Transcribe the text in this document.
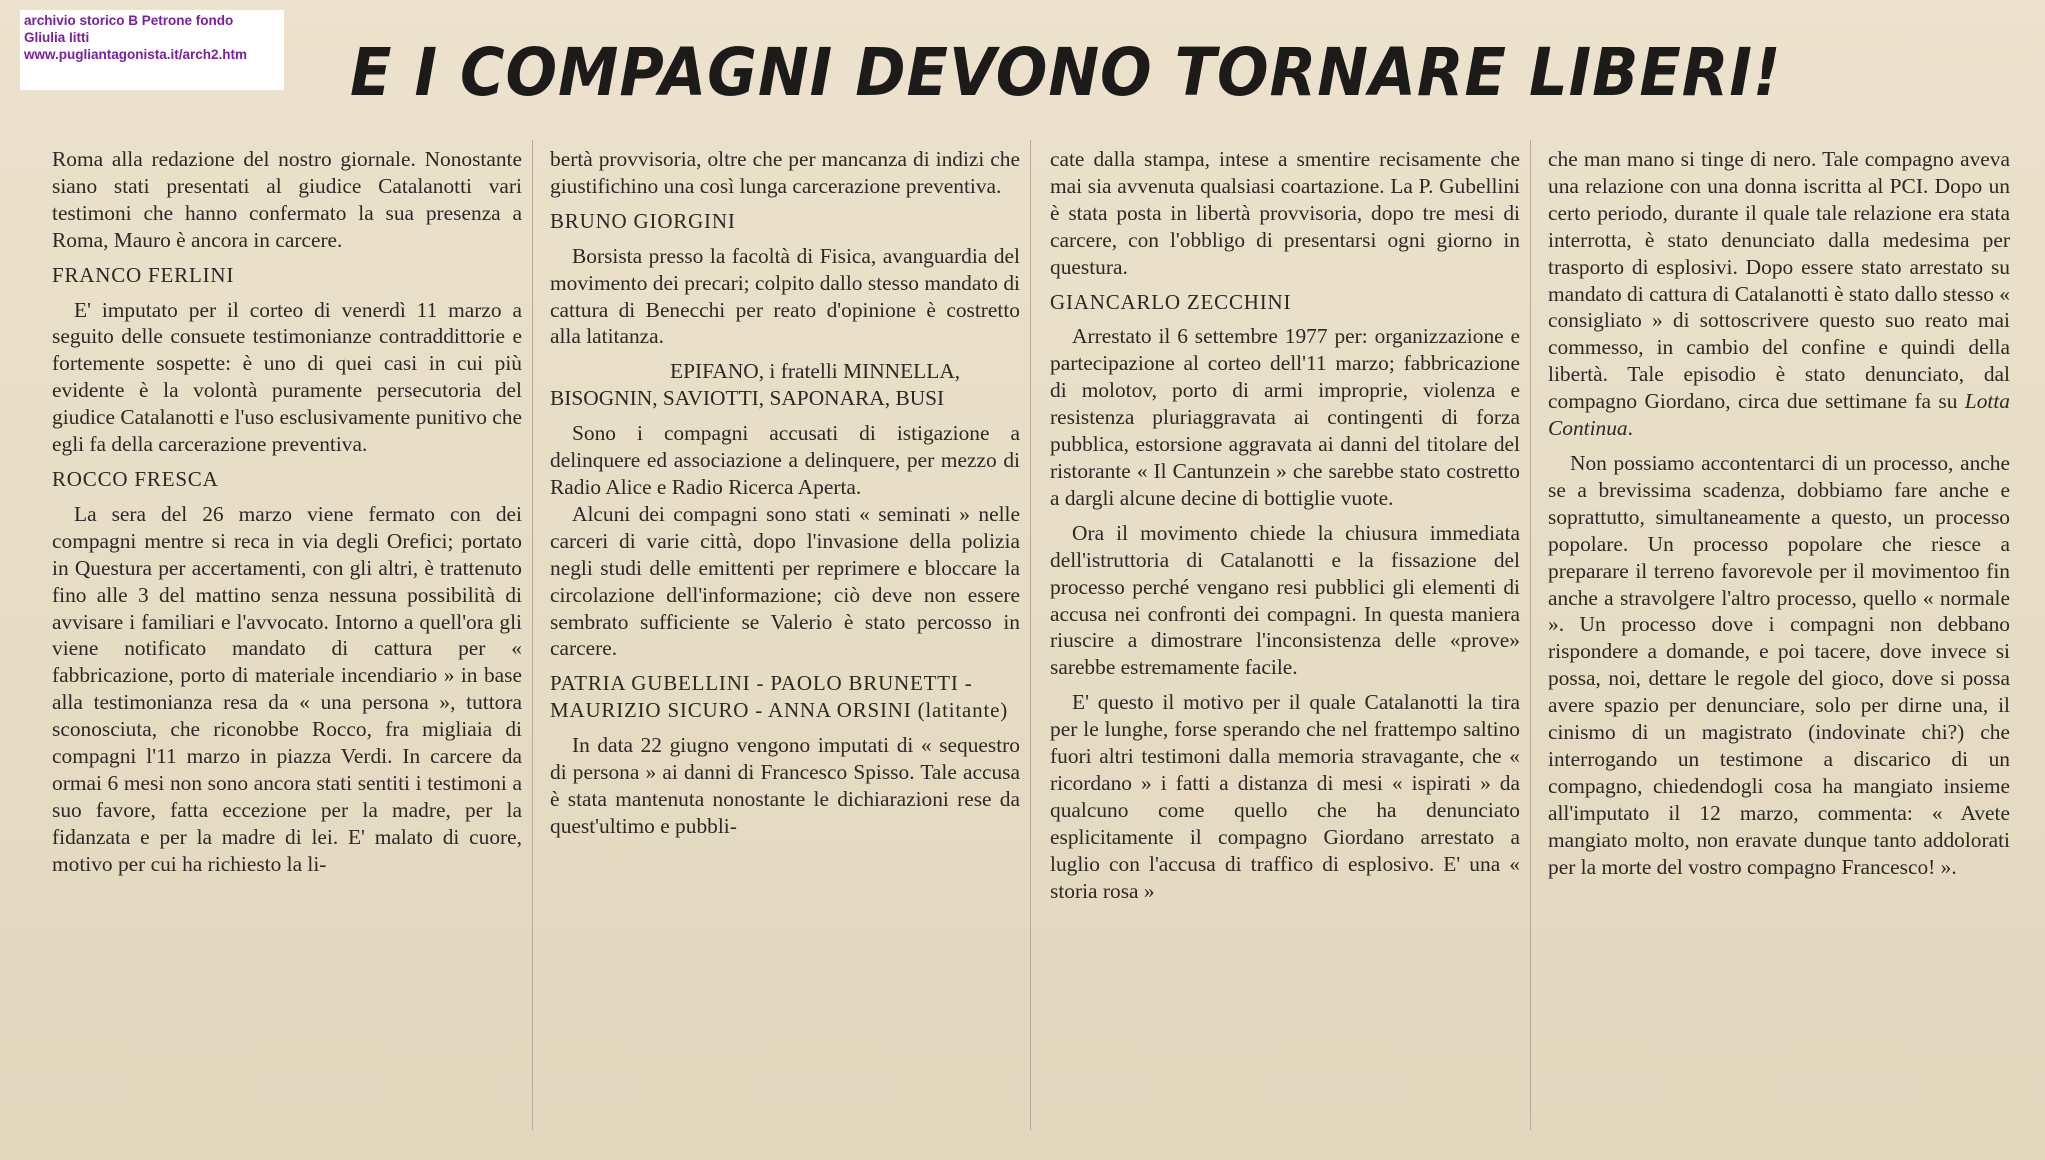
archivio storico B Petrone fondo
Gliulia Iitti
www.pugliantagonista.it/arch2.htm	E I COMPAGNI DEVONO TORNARE LIBERI!

Roma alla redazione del nostro giornale. Nonostante siano stati presentati al giudice Catalanotti vari testimoni che hanno confermato la sua presenza a Roma, Mauro è ancora in carcere.

FRANCO FERLINI

E' imputato per il corteo di venerdì 11 marzo a seguito delle consuete testimonianze contraddittorie e fortemente sospette: è uno di quei casi in cui più evidente è la volontà puramente persecutoria del giudice Catalanotti e l'uso esclusivamente punitivo che egli fa della carcerazione preventiva.

ROCCO FRESCA

La sera del 26 marzo viene fermato con dei compagni mentre si reca in via degli Orefici; portato in Questura per accertamenti, con gli altri, è trattenuto fino alle 3 del mattino senza nessuna possibilità di avvisare i familiari e l'avvocato. Intorno a quell'ora gli viene notificato mandato di cattura per « fabbricazione, porto di materiale incendiario » in base alla testimonianza resa da « una persona », tuttora sconosciuta, che riconobbe Rocco, fra migliaia di compagni l'11 marzo in piazza Verdi. In carcere da ormai 6 mesi non sono ancora stati sentiti i testimoni a suo favore, fatta eccezione per la madre, per la fidanzata e per la madre di lei. E' malato di cuore, motivo per cui ha richiesto la li-

bertà provvisoria, oltre che per mancanza di indizi che giustifichino una così lunga carcerazione preventiva.

BRUNO GIORGINI

Borsista presso la facoltà di Fisica, avanguardia del movimento dei precari; colpito dallo stesso mandato di cattura di Benecchi per reato d'opinione è costretto alla latitanza.

EPIFANO, i fratelli MINNELLA, BISOGNIN, SAVIOTTI, SAPONARA, BUSI

Sono i compagni accusati di istigazione a delinquere ed associazione a delinquere, per mezzo di Radio Alice e Radio Ricerca Aperta.

Alcuni dei compagni sono stati « seminati » nelle carceri di varie città, dopo l'invasione della polizia negli studi delle emittenti per reprimere e bloccare la circolazione dell'informazione; ciò deve non essere sembrato sufficiente se Valerio è stato percosso in carcere.

PATRIA GUBELLINI - PAOLO BRUNETTI - MAURIZIO SICURO - ANNA ORSINI (latitante)

In data 22 giugno vengono imputati di « sequestro di persona » ai danni di Francesco Spisso. Tale accusa è stata mantenuta nonostante le dichiarazioni rese da quest'ultimo e pubbli-

cate dalla stampa, intese a smentire recisamente che mai sia avvenuta qualsiasi coartazione. La P. Gubellini è stata posta in libertà provvisoria, dopo tre mesi di carcere, con l'obbligo di presentarsi ogni giorno in questura.

GIANCARLO ZECCHINI

Arrestato il 6 settembre 1977 per: organizzazione e partecipazione al corteo dell'11 marzo; fabbricazione di molotov, porto di armi improprie, violenza e resistenza pluriaggravata ai contingenti di forza pubblica, estorsione aggravata ai danni del titolare del ristorante « Il Cantunzein » che sarebbe stato costretto a dargli alcune decine di bottiglie vuote.

Ora il movimento chiede la chiusura immediata dell'istruttoria di Catalanotti e la fissazione del processo perché vengano resi pubblici gli elementi di accusa nei confronti dei compagni. In questa maniera riuscire a dimostrare l'inconsistenza delle «prove» sarebbe estremamente facile.

E' questo il motivo per il quale Catalanotti la tira per le lunghe, forse sperando che nel frattempo saltino fuori altri testimoni dalla memoria stravagante, che « ricordano » i fatti a distanza di mesi « ispirati » da qualcuno come quello che ha denunciato esplicitamente il compagno Giordano arrestato a luglio con l'accusa di traffico di esplosivo. E' una « storia rosa »

che man mano si tinge di nero. Tale compagno aveva una relazione con una donna iscritta al PCI. Dopo un certo periodo, durante il quale tale relazione era stata interrotta, è stato denunciato dalla medesima per trasporto di esplosivi. Dopo essere stato arrestato su mandato di cattura di Catalanotti è stato dallo stesso « consigliato » di sottoscrivere questo suo reato mai commesso, in cambio del confine e quindi della libertà. Tale episodio è stato denunciato, dal compagno Giordano, circa due settimane fa su Lotta Continua.

Non possiamo accontentarci di un processo, anche se a brevissima scadenza, dobbiamo fare anche e soprattutto, simultaneamente a questo, un processo popolare. Un processo popolare che riesce a preparare il terreno favorevole per il movimentoo fin anche a stravolgere l'altro processo, quello « normale ». Un processo dove i compagni non debbano rispondere a domande, e poi tacere, dove invece si possa, noi, dettare le regole del gioco, dove si possa avere spazio per denunciare, solo per dirne una, il cinismo di un magistrato (indovinate chi?) che interrogando un testimone a discarico di un compagno, chiedendogli cosa ha mangiato insieme all'imputato il 12 marzo, commenta: « Avete mangiato molto, non eravate dunque tanto addolorati per la morte del vostro compagno Francesco! ».
